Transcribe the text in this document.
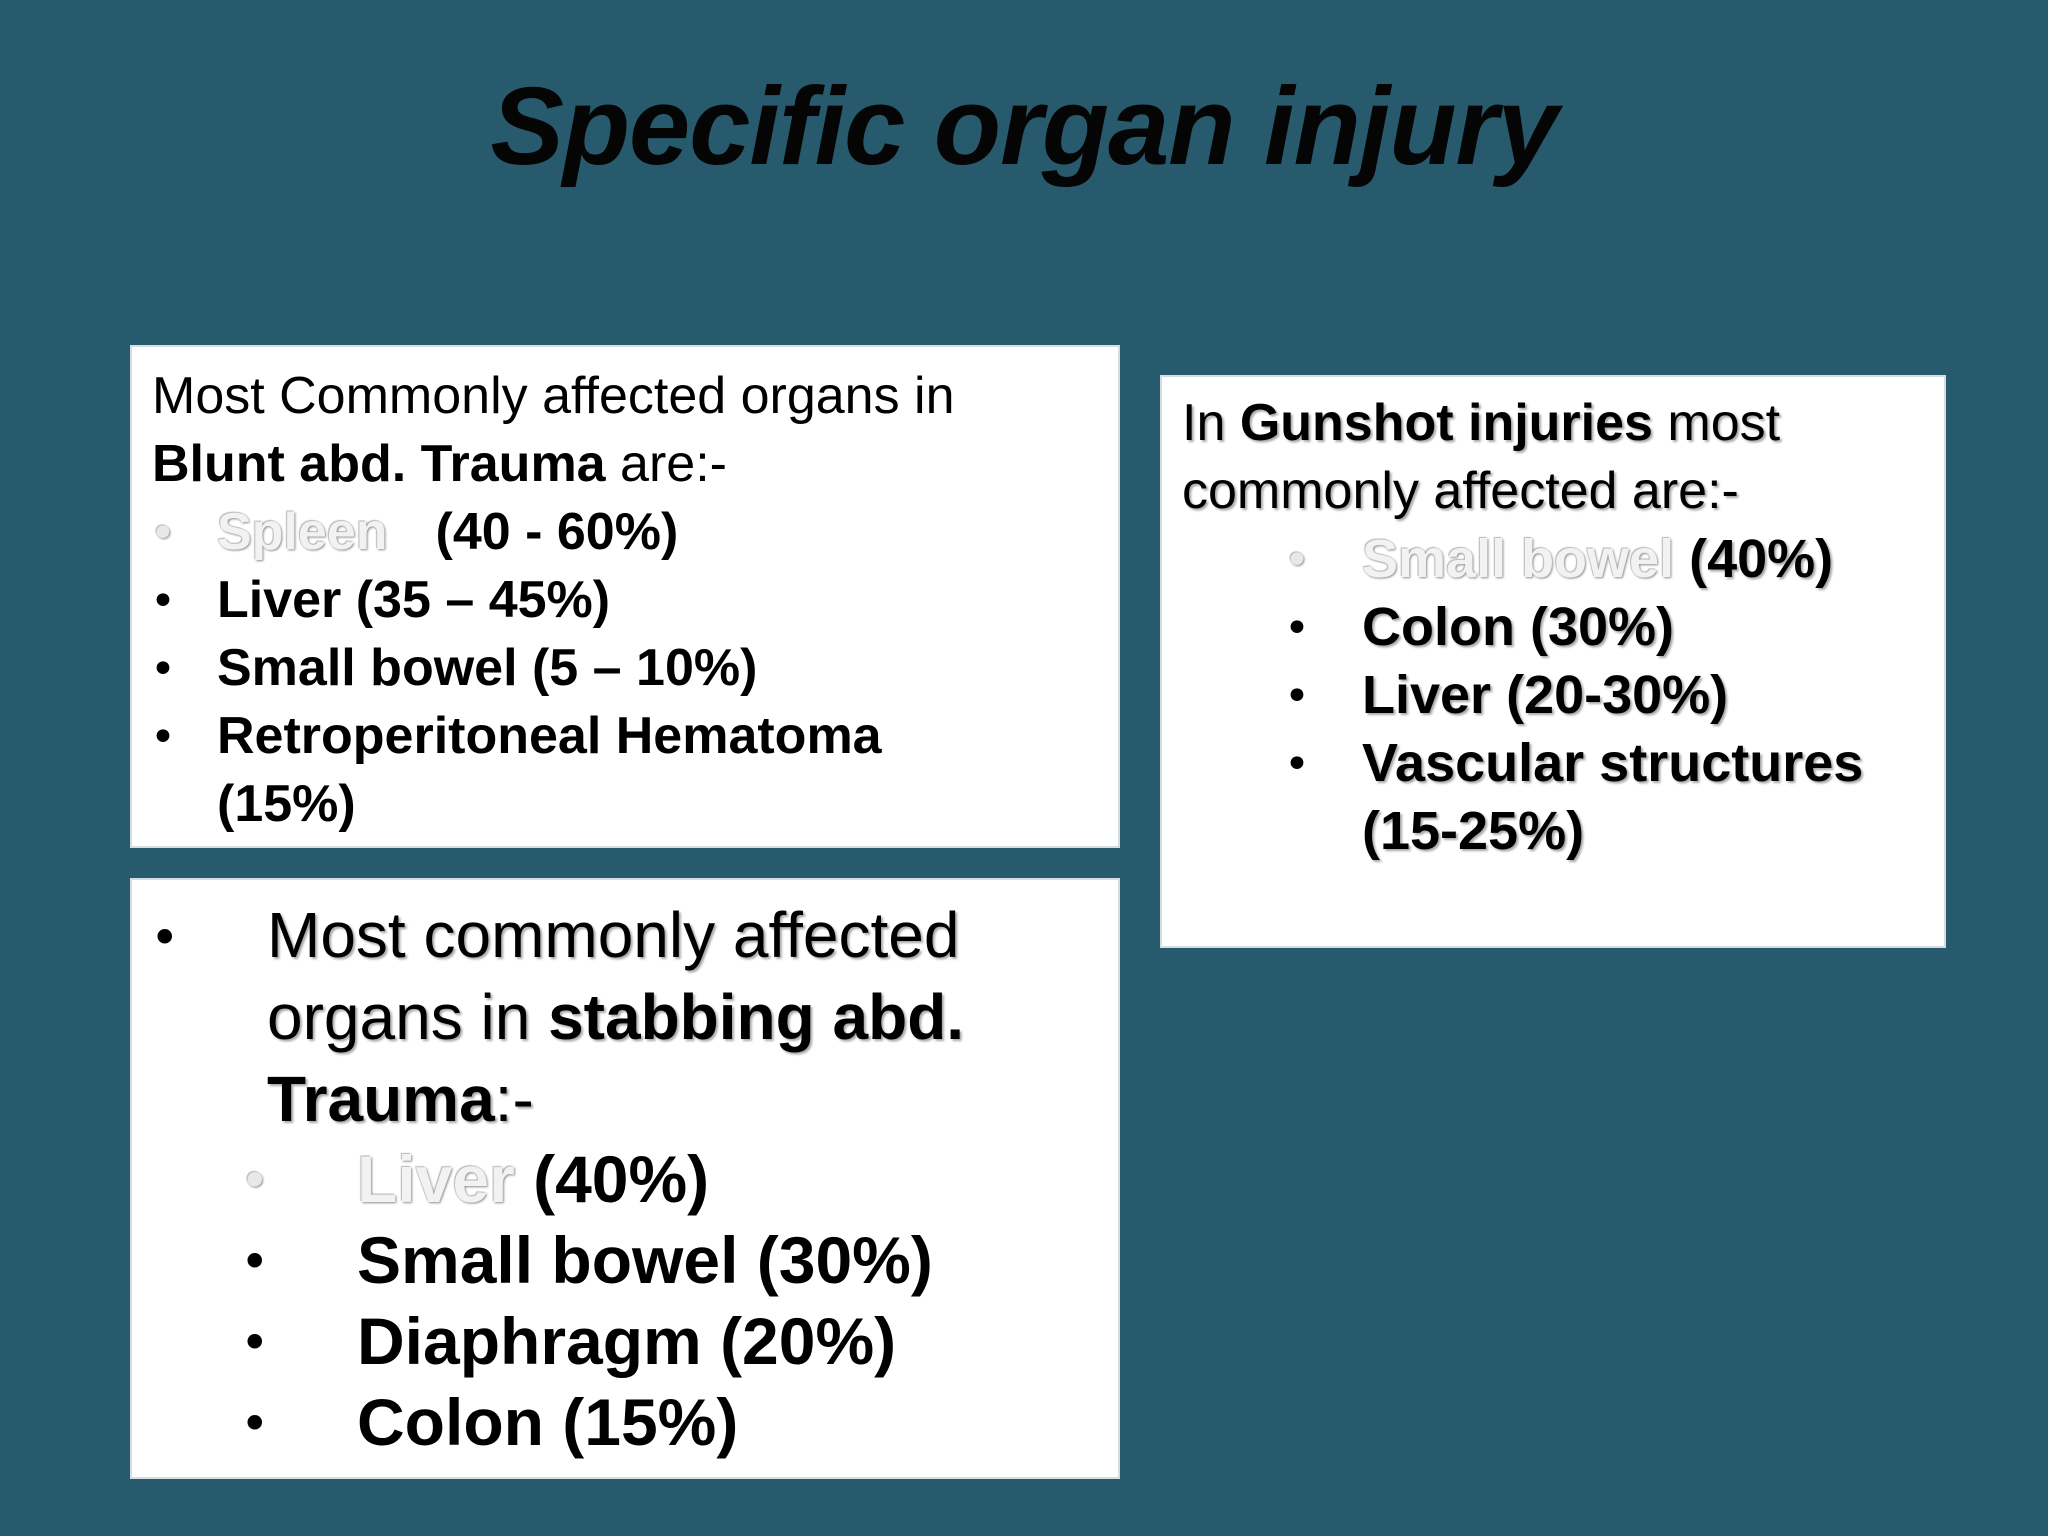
Specific organ injury
Most Commonly affected organs in
Blunt abd. Trauma are:-
• Spleen (40 - 60%)
• Liver (35 – 45%)
• Small bowel (5 – 10%)
• Retroperitoneal Hematoma
(15%)
• Most commonly affected
organs in stabbing abd.
Trauma:-
• Liver (40%)
• Small bowel (30%)
• Diaphragm (20%)
• Colon (15%)
In Gunshot injuries most
commonly affected are:-
• Small bowel (40%)
• Colon (30%)
• Liver (20-30%)
• Vascular structures
(15-25%)
